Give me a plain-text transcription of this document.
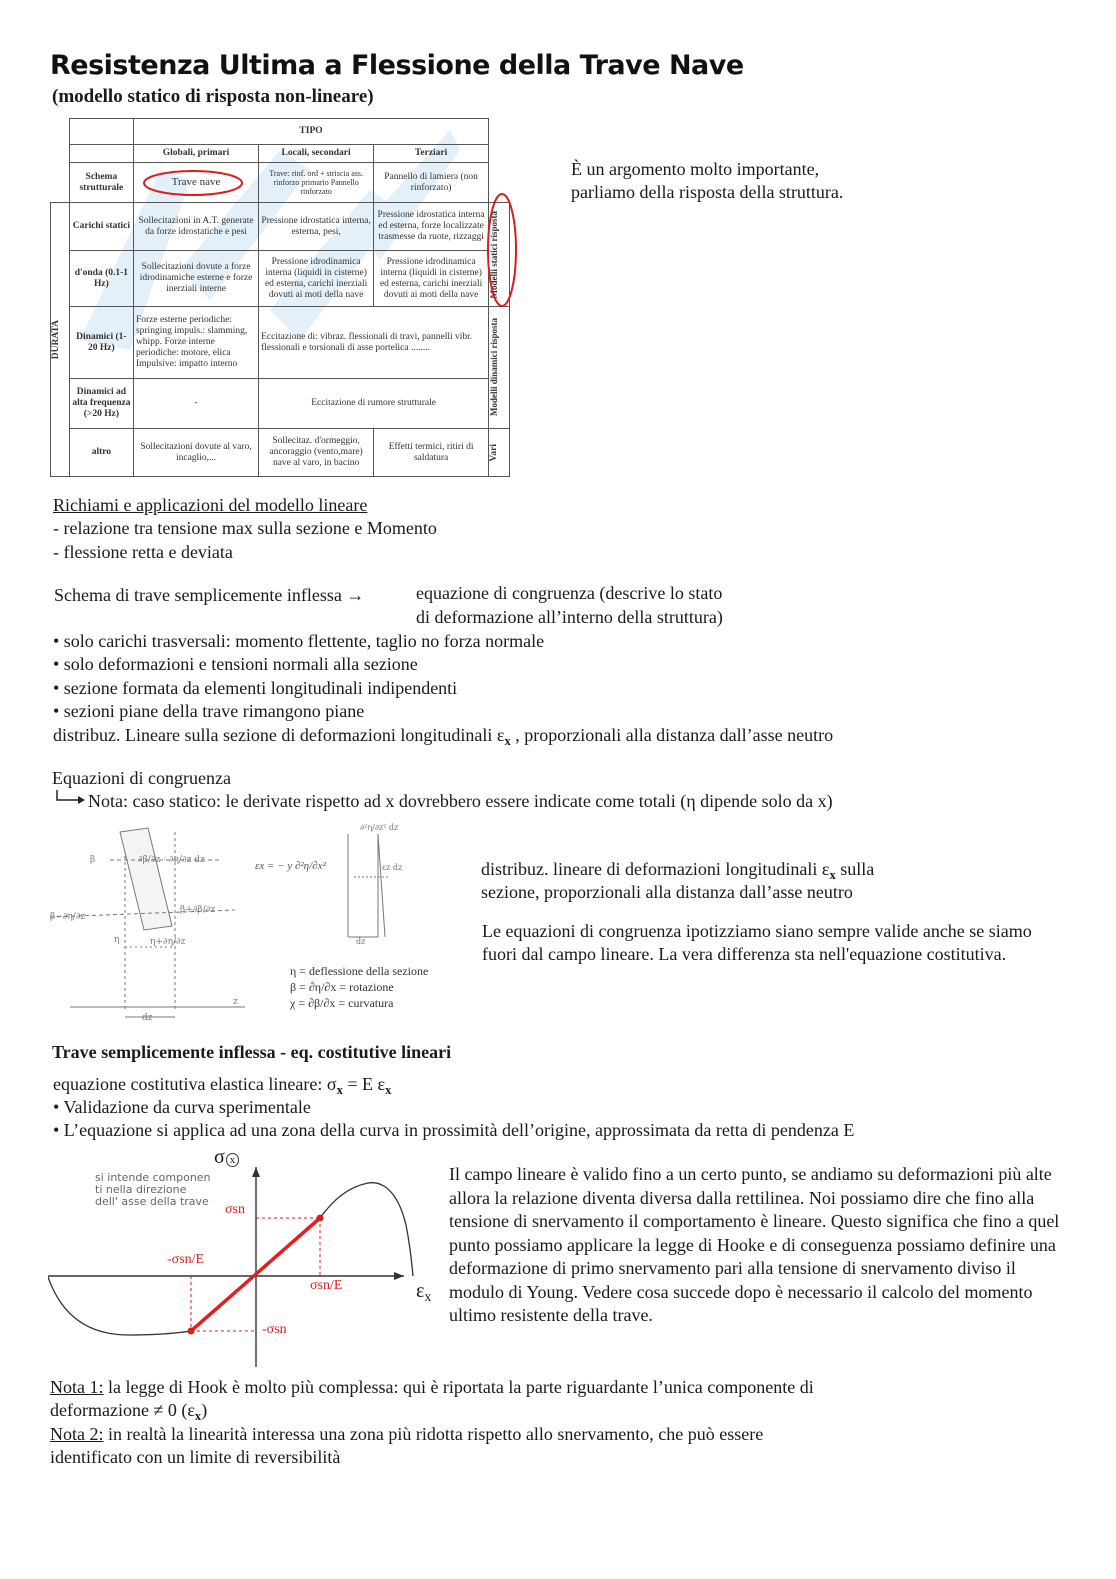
Resistenza Ultima a Flessione della Trave Nave
(modello statico di risposta non-lineare)
		TIPO			
		Globali, primari	Locali, secondari	Terziari	
	Schema strutturale	Trave nave	Trave: rinf. ord + striscia ass. rinforzo primario Pannello rinforzato	Pannello di lamiera (non rinforzato)	

DURATA	Carichi statici	Sollecitazioni in A.T. generate da forze idrostatiche e pesi	Pressione idrostatica interna, esterna, pesi,	Pressione idrostatica interna ed esterna, forze localizzate trasmesse da ruote, rizzaggi	Modelli statici risposta

	d'onda (0.1-1 Hz)	Sollecitazioni dovute a forze idrodinamiche esterne e forze inerziali interne	Pressione idrodinamica interna (liquidi in cisterne) ed esterna, carichi inerziali dovuti ai moti della nave	Pressione idrodinamica interna (liquidi in cisterne) ed esterna, carichi inerziali dovuti ai moti della nave	
	Dinamici (1-20 Hz)	Forze esterne periodiche: springing impuls.: slamming, whipp. Forze interne periodiche: motore, elica Impulsive: impatto interno	Eccitazione di: vibraz. flessionali di travi, pannelli vibr. flessionali e torsionali di asse portelica ........		Modelli dinamici risposta

	Dinamici ad alta frequenza (>20 Hz)	-	Eccitazione di rumore strutturale		
	altro	Sollecitazioni dovute al varo, incaglio,...	Sollecitaz. d'ormeggio, ancoraggio (vento,mare) nave al varo, in bacino	Effetti termici, ritiri di saldatura	Vari
È un argomento molto importante,
parliamo della risposta della struttura.
Richiami e applicazioni del modello lineare
- relazione tra tensione max sulla sezione e Momento
- flessione retta e deviata
Schema di trave semplicemente inflessa →	equazione di congruenza (descrive lo stato
di deformazione all’interno della struttura)
• solo carichi trasversali: momento flettente, taglio no forza normale
• solo deformazioni e tensioni normali alla sezione
• sezione formata da elementi longitudinali indipendenti
• sezioni piane della trave rimangono piane
distribuz. Lineare sulla sezione di deformazioni longitudinali $\varepsilon_x$ , proporzionali alla distanza dall’asse neutro
Equazioni di congruenza
Nota: caso statico: le derivate rispetto ad x dovrebbero essere indicate come totali (η dipende solo da x)
β	∂β/∂z · ∂η/∂z dz
β−∂η/∂z
β+∂β/∂z
η	η+∂η/∂z
z
dz
εx = − y ∂²η/∂x²
∂²η/∂z² dz
εz dz
dz
η = deflessione della sezione
β = ∂η/∂x = rotazione
χ = ∂β/∂x = curvatura
distribuz. lineare di deformazioni longitudinali $\varepsilon_x$ sulla
sezione, proporzionali alla distanza dall’asse neutro
Le equazioni di congruenza ipotizziamo siano sempre valide anche se siamo fuori dal campo lineare. La vera differenza sta nell'equazione costitutiva.
Trave semplicemente inflessa - eq. costitutive lineari
equazione costitutiva elastica lineare: $\sigma_x = E$ $\varepsilon_x$
• Validazione da curva sperimentale
• L’equazione si applica ad una zona della curva in prossimità dell’origine, approssimata da retta di pendenza E
σx
$\varepsilon_x$
σsn
-σsn
σsn/E
-σsn/E
si intende componen
ti nella direzione
dell' asse della trave
Il campo lineare è valido fino a un certo punto, se andiamo su deformazioni più alte allora la relazione diventa diversa dalla rettilinea. Noi possiamo dire che fino alla tensione di snervamento il comportamento è lineare. Questo significa che fino a quel punto possiamo applicare la legge di Hooke e di conseguenza possiamo definire una deformazione di primo snervamento pari alla tensione di snervamento diviso il modulo di Young. Vedere cosa succede dopo è necessario il calcolo del momento ultimo resistente della trave.
Nota 1: la legge di Hook è molto più complessa: qui è riportata la parte riguardante l’unica componente di
deformazione ≠ 0 $(\varepsilon_x)$
Nota 2: in realtà la linearità interessa una zona più ridotta rispetto allo snervamento, che può essere
identificato con un limite di reversibilità
